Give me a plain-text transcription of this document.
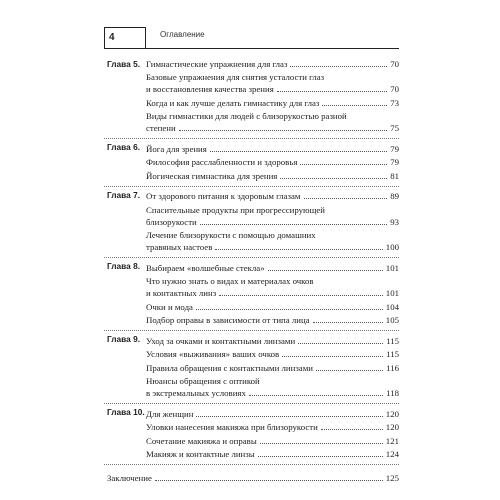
4	Оглавление
Глава 5. Гимнастические упражнения для глаз	70
Базовые упражнения для снятия усталости глаз
и восстановления качества зрения	70
Когда и как лучше делать гимнастику для глаз	73
Виды гимнастики для людей с близорукостью разной
степени	75
Глава 6. Йога для зрения	79
Философия расслабленности и здоровья	79
Йогическая гимнастика для зрения	81
Глава 7. От здорового питания к здоровым глазам	89
Спасительные продукты при прогрессирующей
близорукости	93
Лечение близорукости с помощью домашних
травяных настоев	100
Глава 8. Выбираем «волшебные стекла»	101
Что нужно знать о видах и материалах очков
и контактных линз	101
Очки и мода	104
Подбор оправы в зависимости от типа лица	105
Глава 9. Уход за очками и контактными линзами	115
Условия «выживания» ваших очков	115
Правила обращения с контактными линзами	116
Нюансы обращения с оптикой
в экстремальных условиях	118
Глава 10. Для женщин	120
Уловки нанесения макияжа при близорукости	120
Сочетание макияжа и оправы	121
Макияж и контактные линзы	124
Заключение	125
